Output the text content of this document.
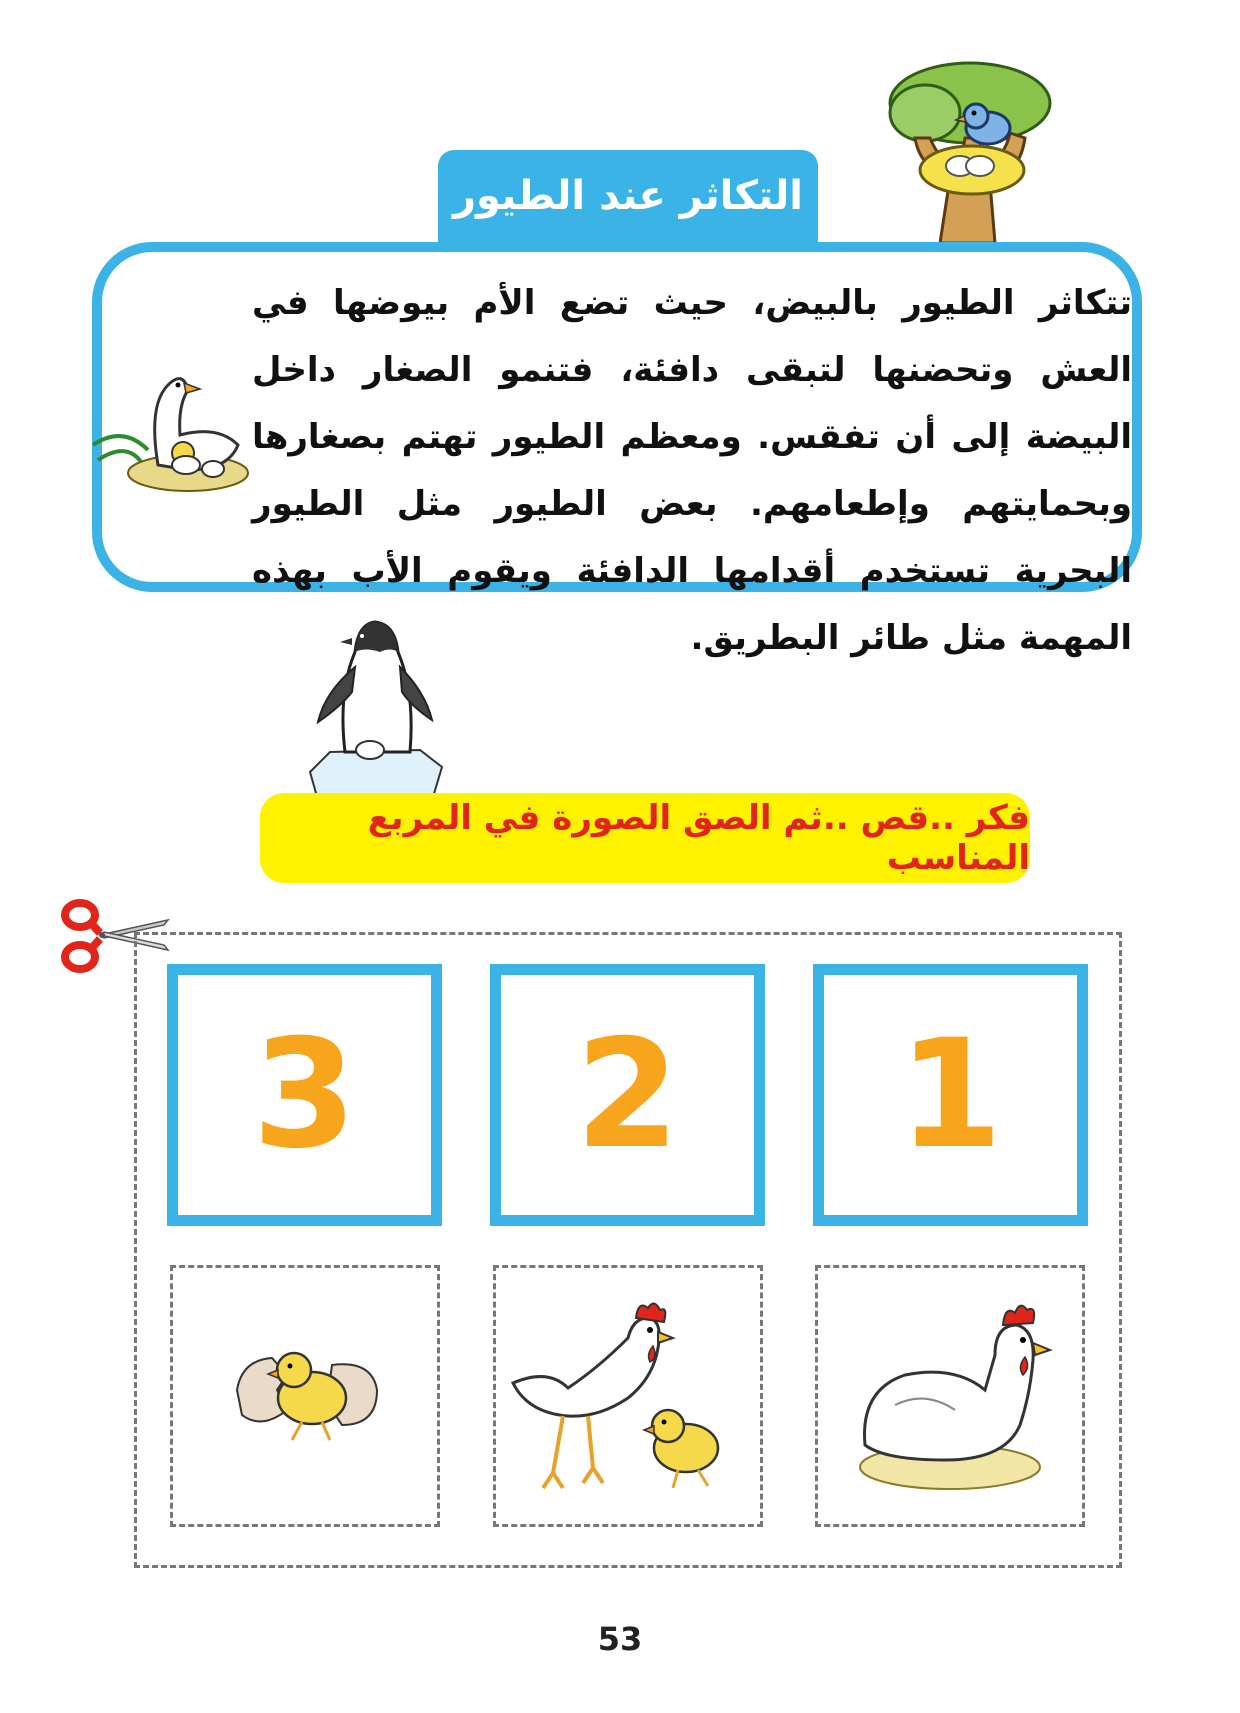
التكاثر عند الطيور
تتكاثر الطيور بالبيض، حيث تضع الأم بيوضها في العش وتحضنها لتبقى دافئة، فتنمو الصغار داخل البيضة إلى أن تفقس. ومعظم الطيور تهتم بصغارها وبحمايتهم وإطعامهم. بعض الطيور مثل الطيور البحرية تستخدم أقدامها الدافئة ويقوم الأب بهذه المهمة مثل طائر البطريق.
فكر ..قص ..ثم الصق الصورة في المربع المناسب
1
2
3
53
